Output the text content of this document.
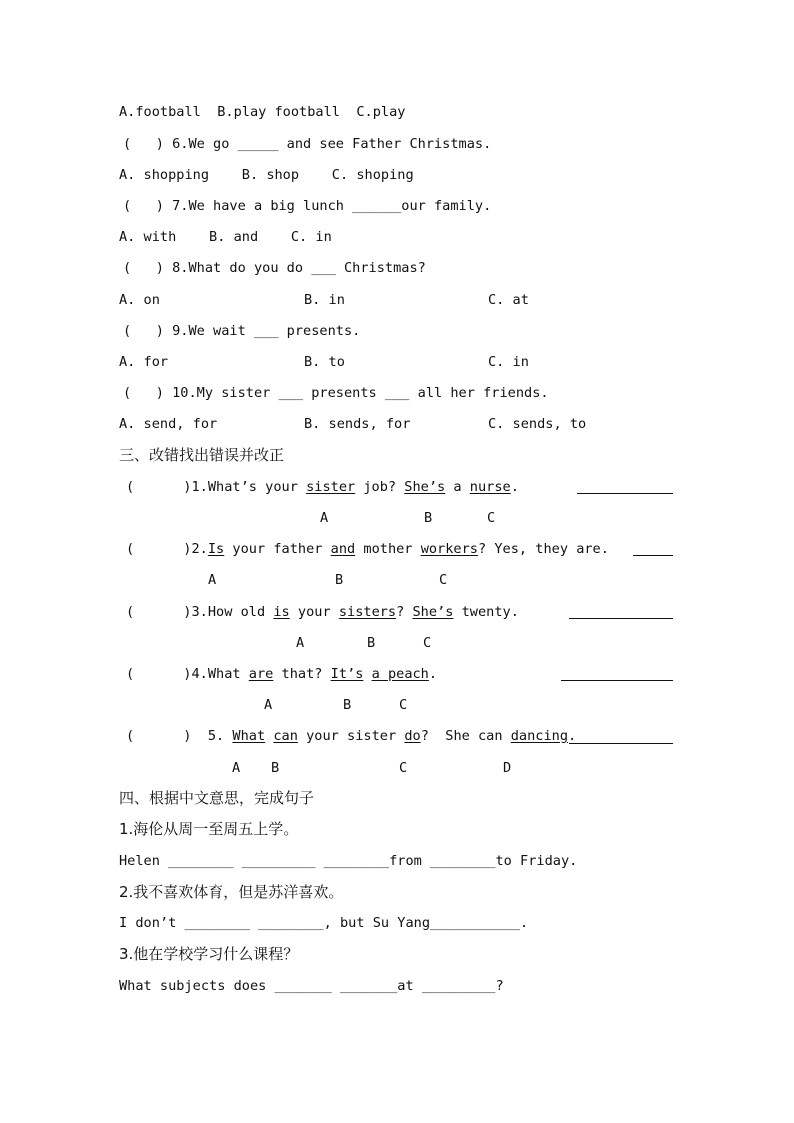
A.football  B.play football  C.play
(   ) 6.We go _____ and see Father Christmas.
A. shopping    B. shop    C. shoping
(   ) 7.We have a big lunch ______our family.
A. with    B. and    C. in
(   ) 8.What do you do ___ Christmas?
A. on	B. in	C. at
(   ) 9.We wait ___ presents.
A. for	B. to	C. in
(   ) 10.My sister ___ presents ___ all her friends.
A. send, for	B. sends, for	C. sends, to
三、改错找出错误并改正
(      )1.What’s your sister job? She’s a nurse.
A	B	C
(      )2.Is your father and mother workers? Yes, they are.
A	B	C
(      )3.How old is your sisters? She’s twenty.
A	B	C
(      )4.What are that? It’s a peach.
A	B	C
(      ) 5. What can your sister do?  She can dancing.
A B	C	D
四、根据中文意思，完成句子
1.海伦从周一至周五上学。
Helen ________ _________ ________from ________to Friday.
2.我不喜欢体育，但是苏洋喜欢。
I don’t ________ ________, but Su Yang___________.
3.他在学校学习什么课程？
What subjects does _______ _______at _________?
